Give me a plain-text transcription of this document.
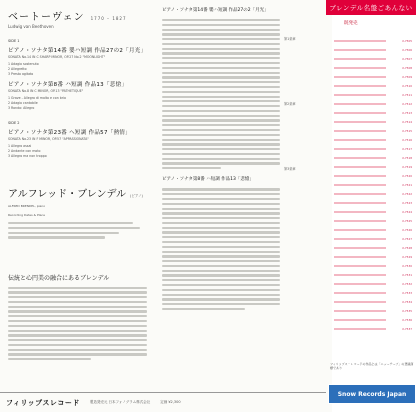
ベートーヴェン 1770 – 1827
Ludwig van Beethoven
SIDE 1
ピアノ・ソナタ第14番 嬰ハ短調 作品27の2「月光」
SONATA No.14 IN C SHARP MINOR, OP.27 No.2 "MOONLIGHT"
1 Adagio sostenuto
2 Allegretto
3 Presto agitato
ピアノ・ソナタ第8番 ハ短調 作品13「悲愴」
SONATA No.8 IN C MINOR, OP.13 "PATHETIQUE"
1 Grave - Allegro di molto e con brio
2 Adagio cantabile
3 Rondo: Allegro
SIDE 2
ピアノ・ソナタ第23番 ヘ短調 作品57「熱情」
SONATA No.23 IN F MINOR, OP.57 "APPASSIONATA"
1 Allegro assai
2 Andante con moto
3 Allegro ma non troppo
アルフレッド・ブレンデル (ピアノ)
ALFRED BRENDEL, piano
Recording Dates & Place
伝統と心円美の融合にあるブレンデル
ピアノ・ソナタ第14番 嬰ハ短調 作品27の2「月光」
ピアノ・ソナタ第8番 ハ短調 作品13「悲愴」
第1楽章
第2楽章
第3楽章
ブレンデル名盤ごあんない
既発売
X-7505
X-7506
X-7507
X-7508
X-7509
X-7510
X-7511
X-7512
X-7513
X-7514
X-7515
X-7516
X-7517
X-7518
X-7519
X-7520
X-7521
X-7522
X-7523
X-7524
X-7525
X-7526
X-7527
X-7528
X-7529
X-7530
X-7531
X-7532
X-7533
X-7534
X-7535
X-7536
X-7537
フィリップス・レコードの作品とは「ニューテーブ」の登録商標であり
Snow Records Japan
フィリップスレコード	製造発売元 日本フォノグラム株式会社	定価 ¥2,300
